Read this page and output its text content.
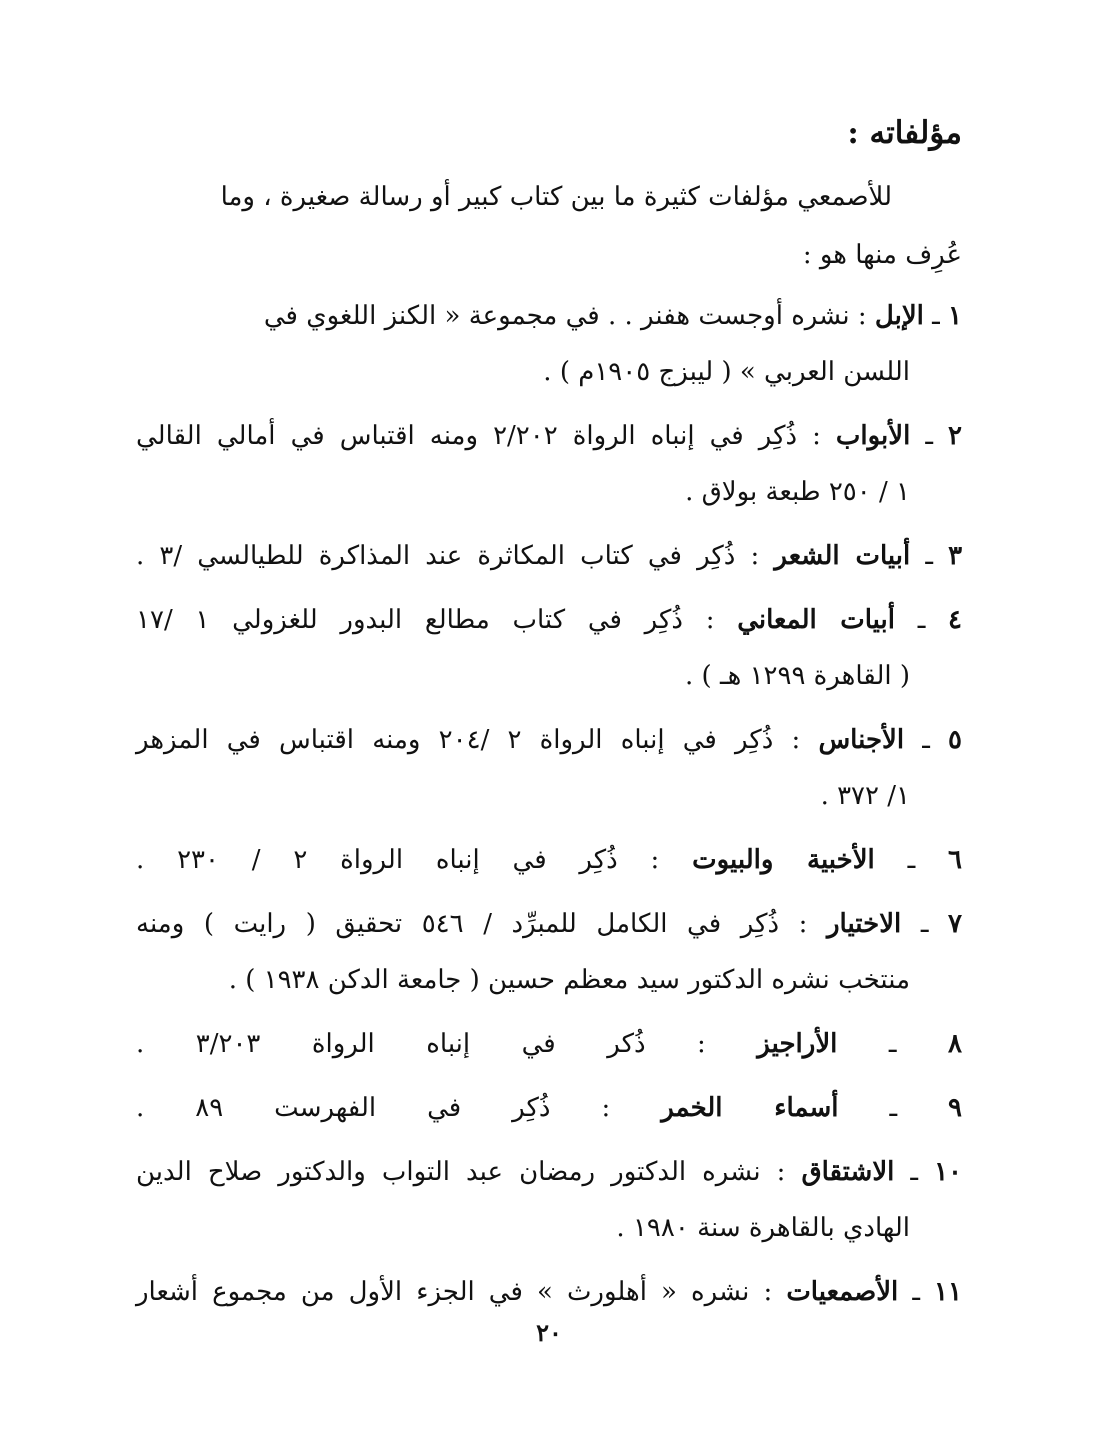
مؤلفاته :
للأصمعي مؤلفات كثيرة ما بين كتاب كبير أو رسالة صغيرة ، وما
عُرِف منها هو :
١ ـ الإبل : نشره أوجست هفنر . . في مجموعة « الكنز اللغوي في
اللسن العربي » ( ليبزج ١٩٠٥م ) .
٢ ـ الأبواب : ذُكِر في إنباه الرواة ٢/٢٠٢ ومنه اقتباس في أمالي القالي
١ / ٢٥٠ طبعة بولاق .
٣ ـ أبيات الشعر : ذُكِر في كتاب المكاثرة عند المذاكرة للطيالسي /٣ .
٤ ـ أبيات المعاني : ذُكِر في كتاب مطالع البدور للغزولي ١ /١٧
( القاهرة ١٢٩٩ هـ ) .
٥ ـ الأجناس : ذُكِر في إنباه الرواة ٢ /٢٠٤ ومنه اقتباس في المزهر
١/ ٣٧٢ .
٦ ـ الأخبية والبيوت : ذُكِر في إنباه الرواة ٢ / ٢٣٠ .
٧ ـ الاختيار : ذُكِر في الكامل للمبرِّد / ٥٤٦ تحقيق ( رايت ) ومنه
منتخب نشره الدكتور سيد معظم حسين ( جامعة الدكن ١٩٣٨ ) .
٨ ـ الأراجيز : ذُكر في إنباه الرواة ٣/٢٠٣ .
٩ ـ أسماء الخمر : ذُكِر في الفهرست ٨٩ .
١٠ ـ الاشتقاق : نشره الدكتور رمضان عبد التواب والدكتور صلاح الدين
الهادي بالقاهرة سنة ١٩٨٠ .
١١ ـ الأصمعيات : نشره « أهلورث » في الجزء الأول من مجموع أشعار
٢٠
